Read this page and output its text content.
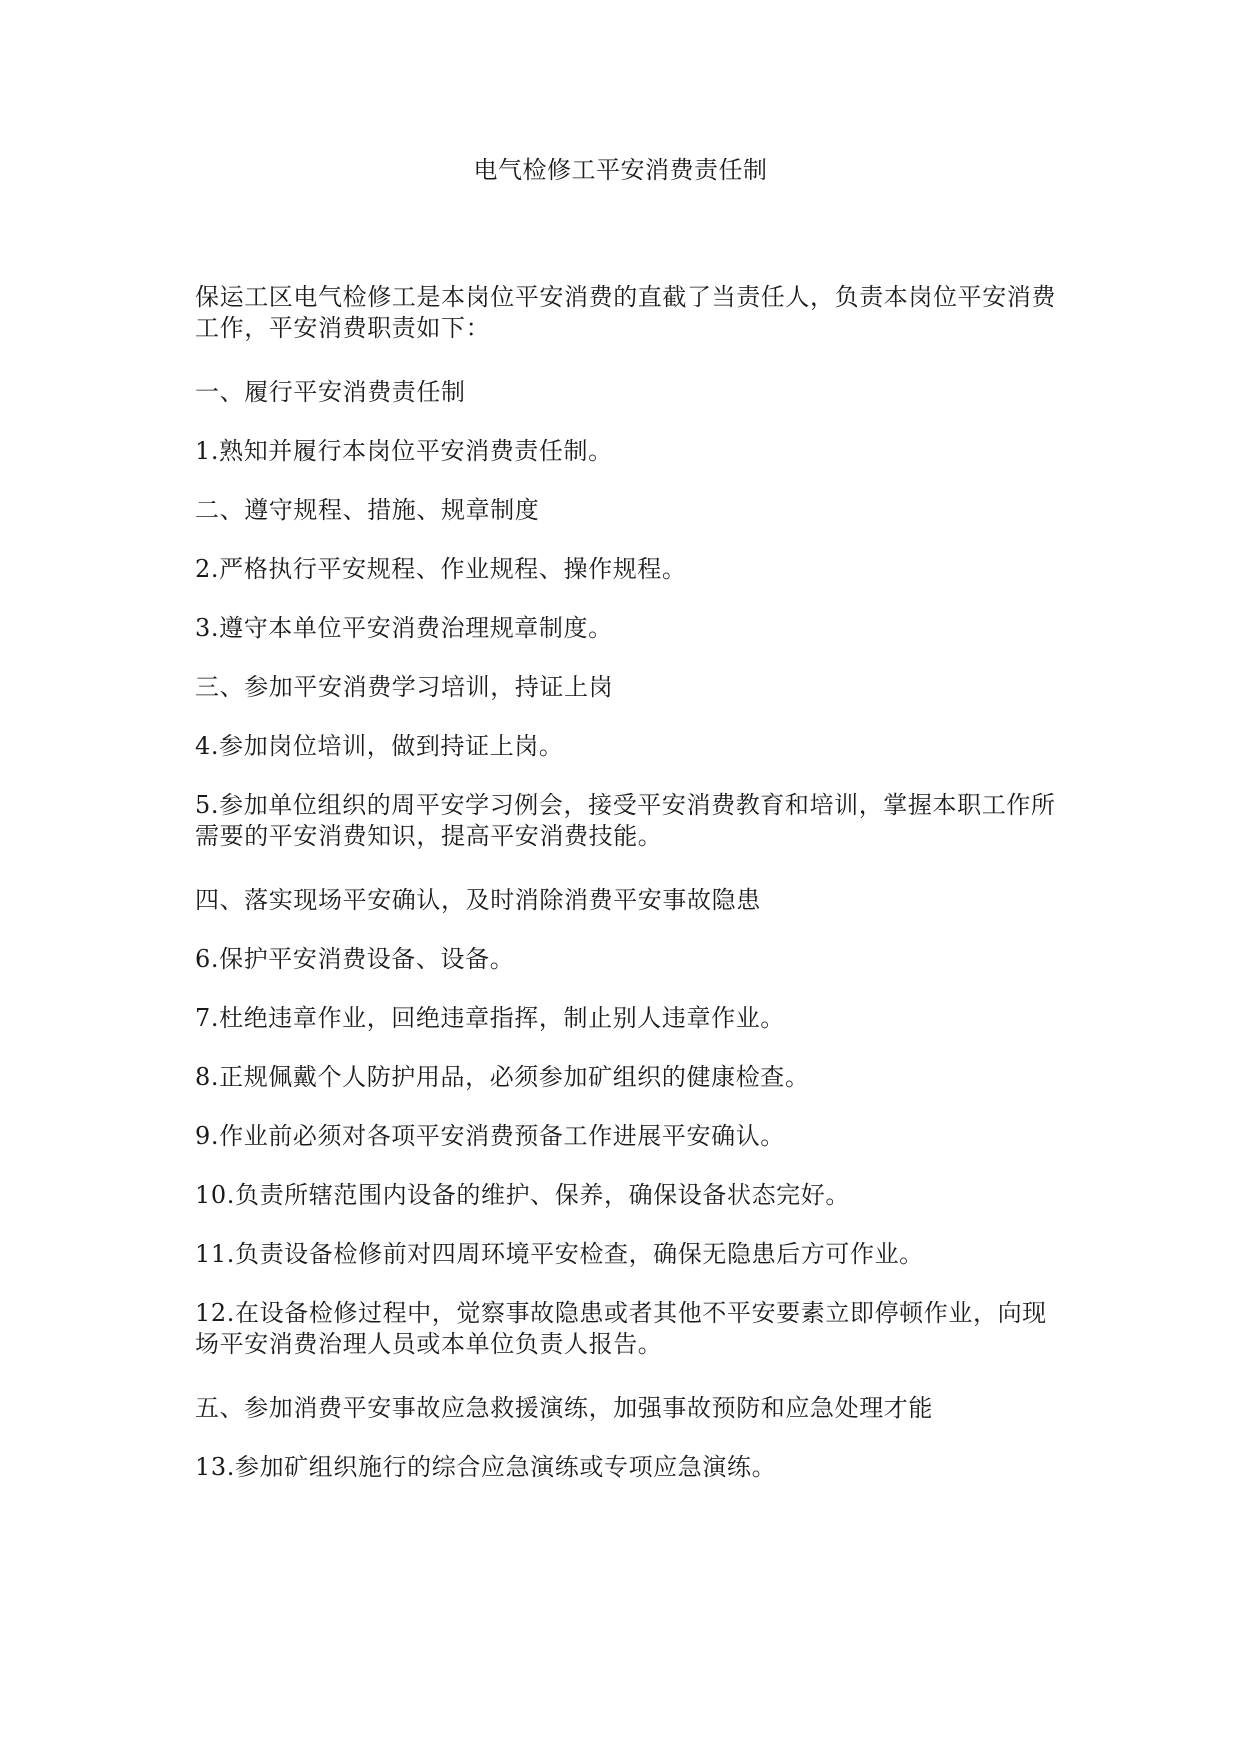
电气检修工平安消费责任制

保运工区电气检修工是本岗位平安消费的直截了当责任人，负责本岗位平安消费工作，平安消费职责如下：

一、履行平安消费责任制

1.熟知并履行本岗位平安消费责任制。

二、遵守规程、措施、规章制度

2.严格执行平安规程、作业规程、操作规程。

3.遵守本单位平安消费治理规章制度。

三、参加平安消费学习培训，持证上岗

4.参加岗位培训，做到持证上岗。

5.参加单位组织的周平安学习例会，接受平安消费教育和培训，掌握本职工作所需要的平安消费知识，提高平安消费技能。

四、落实现场平安确认，及时消除消费平安事故隐患

6.保护平安消费设备、设备。

7.杜绝违章作业，回绝违章指挥，制止别人违章作业。

8.正规佩戴个人防护用品，必须参加矿组织的健康检查。

9.作业前必须对各项平安消费预备工作进展平安确认。

10.负责所辖范围内设备的维护、保养，确保设备状态完好。

11.负责设备检修前对四周环境平安检查，确保无隐患后方可作业。

12.在设备检修过程中，觉察事故隐患或者其他不平安要素立即停顿作业，向现场平安消费治理人员或本单位负责人报告。

五、参加消费平安事故应急救援演练，加强事故预防和应急处理才能

13.参加矿组织施行的综合应急演练或专项应急演练。
